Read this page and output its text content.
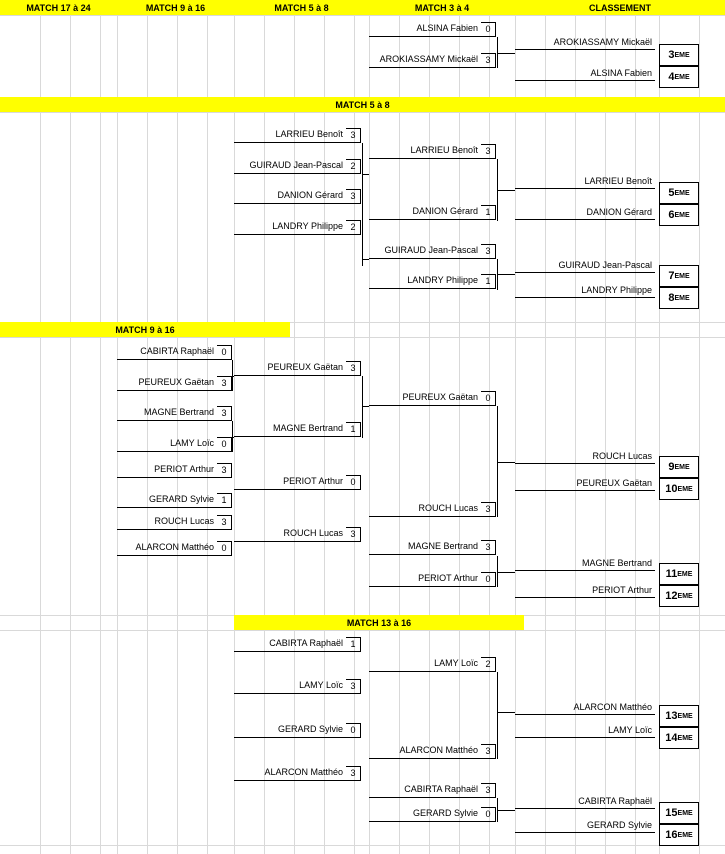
MATCH 17 à 24	MATCH 9 à 16	MATCH 5 à 8	MATCH 3 à 4	CLASSEMENT
MATCH 5 à 8
MATCH 9 à 16
MATCH 13 à 16
ALSINA Fabien 0
AROKIASSAMY Mickaël 3
LARRIEU Benoît 3
GUIRAUD Jean-Pascal 2
DANION Gérard 3
LANDRY Philippe 2
LARRIEU Benoît 3
DANION Gérard 1
GUIRAUD Jean-Pascal 3
LANDRY Philippe 1
CABIRTA Raphaël 0
PEUREUX Gaëtan 3
MAGNE Bertrand 3
LAMY Loïc 0
PERIOT Arthur 3
GERARD Sylvie 1
ROUCH Lucas 3
ALARCON Matthéo 0
PEUREUX Gaëtan 3
MAGNE Bertrand 1
PERIOT Arthur 0
ROUCH Lucas 3
PEUREUX Gaëtan 0
ROUCH Lucas 3
MAGNE Bertrand 3
PERIOT Arthur 0
CABIRTA Raphaël 1
LAMY Loïc 3
GERARD Sylvie 0
ALARCON Matthéo 3
LAMY Loïc 2
ALARCON Matthéo 3
CABIRTA Raphaël 3
GERARD Sylvie 0
AROKIASSAMY Mickaël
ALSINA Fabien
LARRIEU Benoît
DANION Gérard
GUIRAUD Jean-Pascal
LANDRY Philippe
ROUCH Lucas
PEUREUX Gaëtan
MAGNE Bertrand
PERIOT Arthur
ALARCON Matthéo
LAMY Loïc
CABIRTA Raphaël
GERARD Sylvie
3 EME
4 EME
5 EME
6 EME
7 EME
8 EME
9 EME
10 EME
11 EME
12 EME
13 EME
14 EME
15 EME
16 EME
